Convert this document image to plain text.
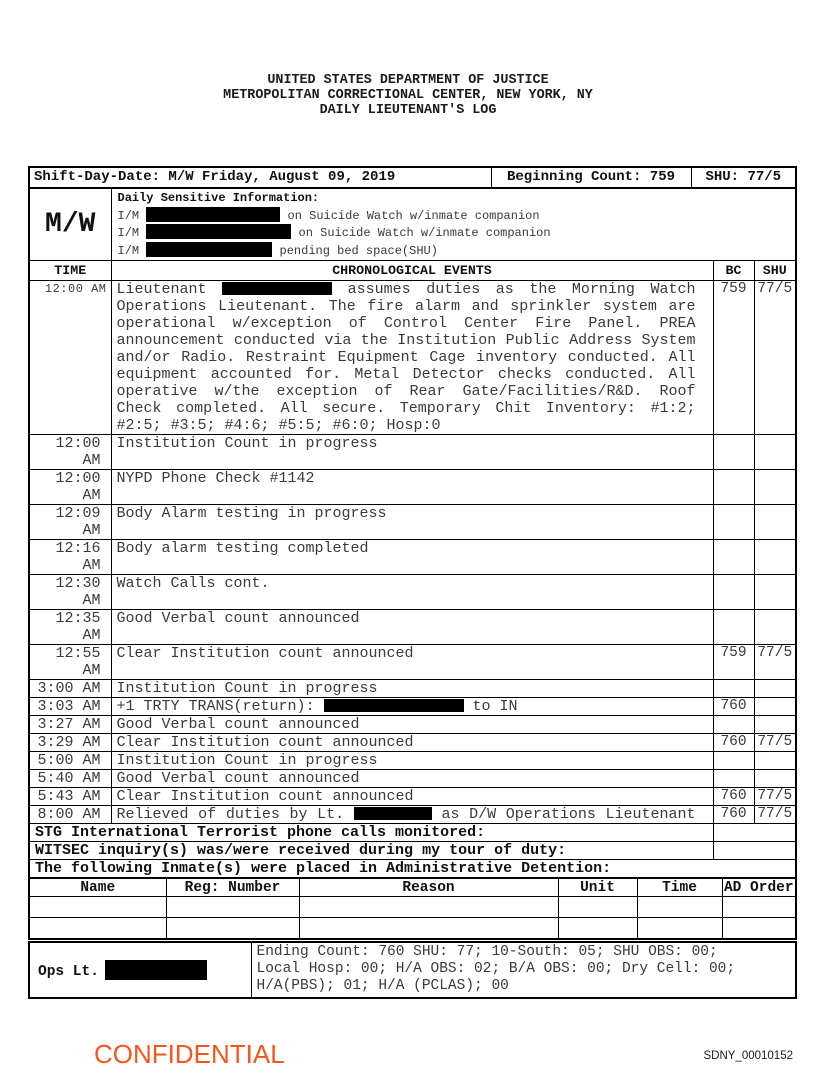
UNITED STATES DEPARTMENT OF JUSTICE
METROPOLITAN CORRECTIONAL CENTER, NEW YORK, NY
DAILY LIEUTENANT'S LOG
Shift-Day-Date: M/W Friday, August 09, 2019	Beginning Count: 759	SHU: 77/5
M/W	Daily Sensitive Information:
I/M on Suicide Watch w/inmate companion
I/M on Suicide Watch w/inmate companion
I/M pending bed space(SHU)		

TIME	CHRONOLOGICAL EVENTS	BC	SHU
12:00 AM	Lieutenant assumes duties as the Morning Watch Operations Lieutenant. The fire alarm and sprinkler system are operational w/exception of Control Center Fire Panel. PREA announcement conducted via the Institution Public Address System and/or Radio. Restraint Equipment Cage inventory conducted. All equipment accounted for. Metal Detector checks conducted. All operative w/the exception of Rear Gate/Facilities/R&D. Roof Check completed. All secure. Temporary Chit Inventory: #1:2; #2:5; #3:5; #4:6; #5:5; #6:0; Hosp:0	759	77/5
12:00 AM	Institution Count in progress		
12:00 AM	NYPD Phone Check #1142		
12:09 AM	Body Alarm testing in progress		
12:16 AM	Body alarm testing completed		
12:30 AM	Watch Calls cont.		
12:35 AM	Good Verbal count announced		
12:55 AM	Clear Institution count announced	759	77/5
3:00 AM	Institution Count in progress		
3:03 AM	+1 TRTY TRANS(return): to IN	760	
3:27 AM	Good Verbal count announced		
3:29 AM	Clear Institution count announced	760	77/5
5:00 AM	Institution Count in progress		
5:40 AM	Good Verbal count announced		
5:43 AM	Clear Institution count announced	760	77/5
8:00 AM	Relieved of duties by Lt. as D/W Operations Lieutenant	760	77/5
STG International Terrorist phone calls monitored:			
WITSEC inquiry(s) was/were received during my tour of duty:			
The following Inmate(s) were placed in Administrative Detention:			
Name	Reg: Number	Reason	Unit	Time	AD Order

Ops Lt.	
Ending Count: 760 SHU: 77; 10-South: 05; SHU OBS: 00;
Local Hosp: 00; H/A OBS: 02; B/A OBS: 00; Dry Cell: 00;
H/A(PBS); 01; H/A (PCLAS); 00
CONFIDENTIAL	SDNY_00010152
